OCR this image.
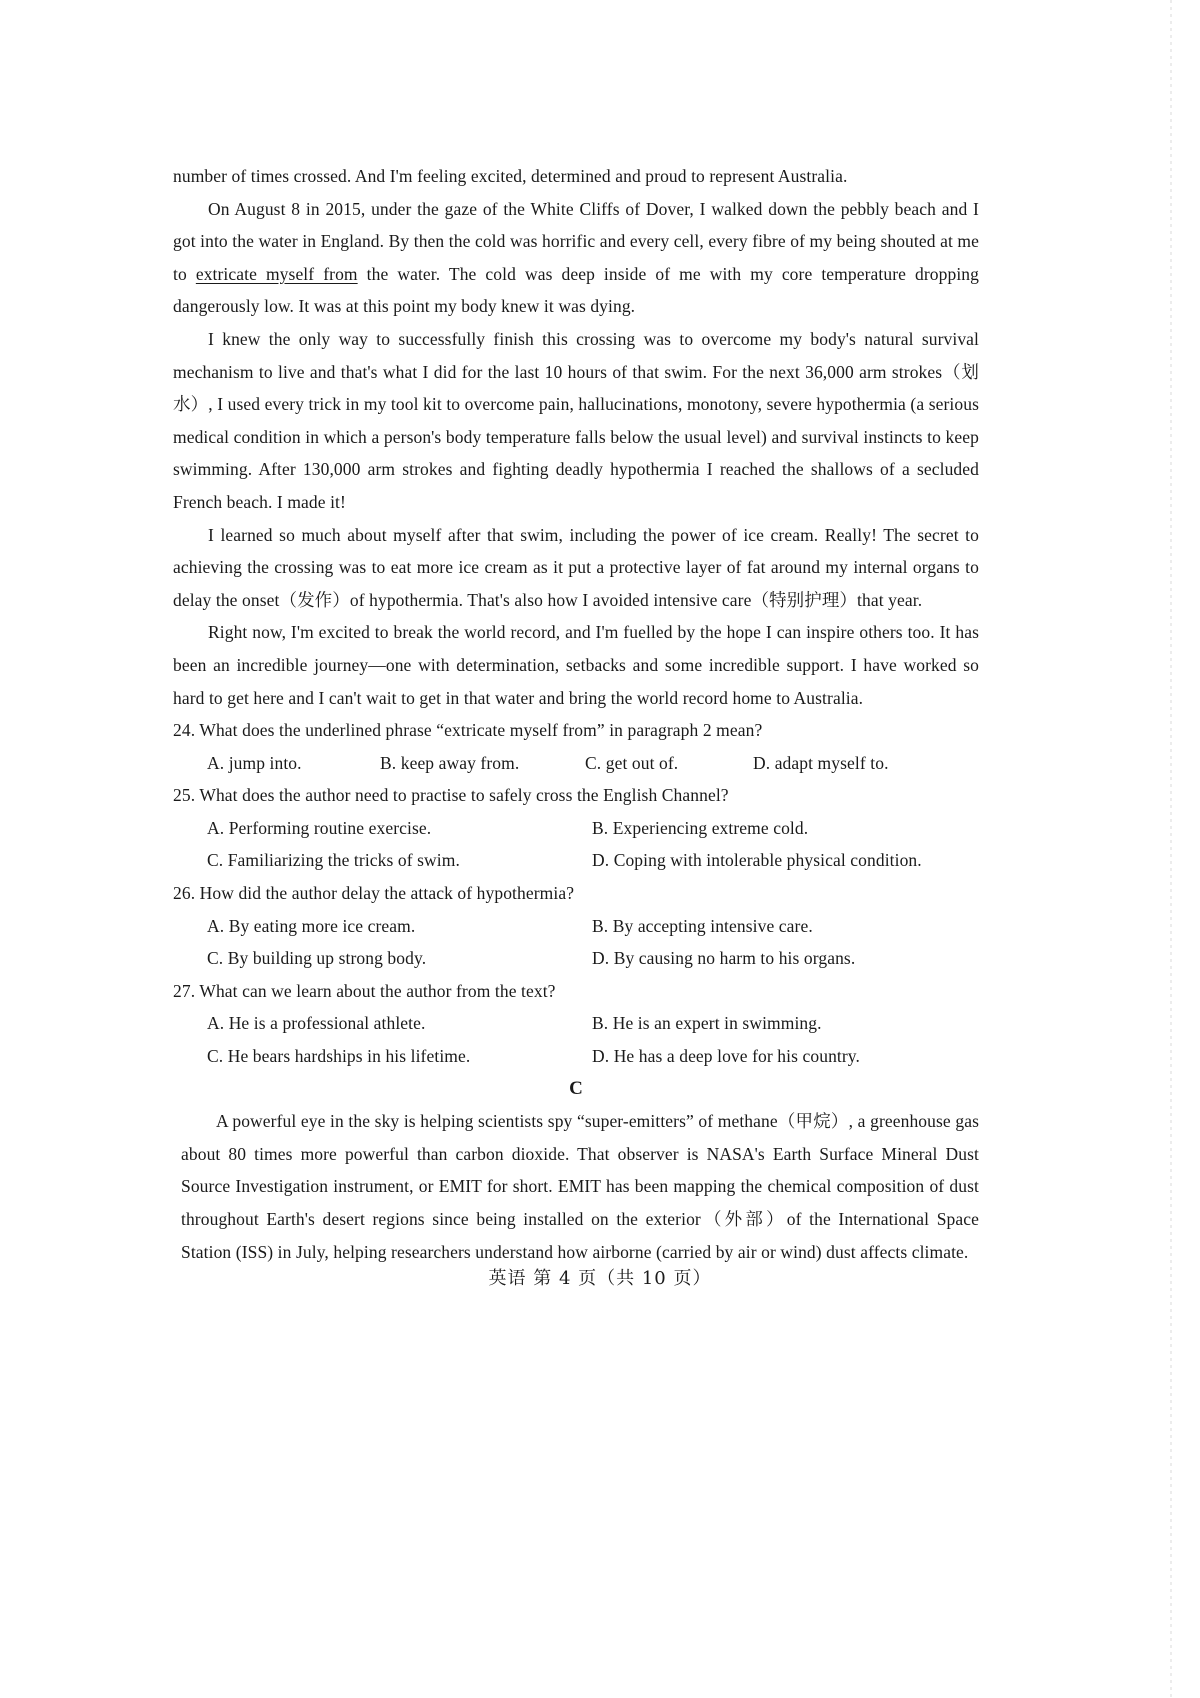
number of times crossed. And I'm feeling excited, determined and proud to represent Australia.

On August 8 in 2015, under the gaze of the White Cliffs of Dover, I walked down the pebbly beach and I got into the water in England. By then the cold was horrific and every cell, every fibre of my being shouted at me to extricate myself from the water. The cold was deep inside of me with my core temperature dropping dangerously low. It was at this point my body knew it was dying.

I knew the only way to successfully finish this crossing was to overcome my body's natural survival mechanism to live and that's what I did for the last 10 hours of that swim. For the next 36,000 arm strokes（划水）, I used every trick in my tool kit to overcome pain, hallucinations, monotony, severe hypothermia (a serious medical condition in which a person's body temperature falls below the usual level) and survival instincts to keep swimming. After 130,000 arm strokes and fighting deadly hypothermia I reached the shallows of a secluded French beach. I made it!

I learned so much about myself after that swim, including the power of ice cream. Really! The secret to achieving the crossing was to eat more ice cream as it put a protective layer of fat around my internal organs to delay the onset（发作）of hypothermia. That's also how I avoided intensive care（特别护理）that year.

Right now, I'm excited to break the world record, and I'm fuelled by the hope I can inspire others too. It has been an incredible journey—one with determination, setbacks and some incredible support. I have worked so hard to get here and I can't wait to get in that water and bring the world record home to Australia.

24. What does the underlined phrase “extricate myself from” in paragraph 2 mean?

A. jump into.	B. keep away from.	C. get out of.	D. adapt myself to.

25. What does the author need to practise to safely cross the English Channel?

A. Performing routine exercise.	B. Experiencing extreme cold.
C. Familiarizing the tricks of swim.	D. Coping with intolerable physical condition.

26. How did the author delay the attack of hypothermia?

A. By eating more ice cream.	B. By accepting intensive care.
C. By building up strong body.	D. By causing no harm to his organs.

27. What can we learn about the author from the text?

A. He is a professional athlete.	B. He is an expert in swimming.
C. He bears hardships in his lifetime.	D. He has a deep love for his country.

C

A powerful eye in the sky is helping scientists spy “super-emitters” of methane（甲烷）, a greenhouse gas about 80 times more powerful than carbon dioxide. That observer is NASA's Earth Surface Mineral Dust Source Investigation instrument, or EMIT for short. EMIT has been mapping the chemical composition of dust throughout Earth's desert regions since being installed on the exterior（外部）of the International Space Station (ISS) in July, helping researchers understand how airborne (carried by air or wind) dust affects climate.

英语 第 4 页（共 10 页）
